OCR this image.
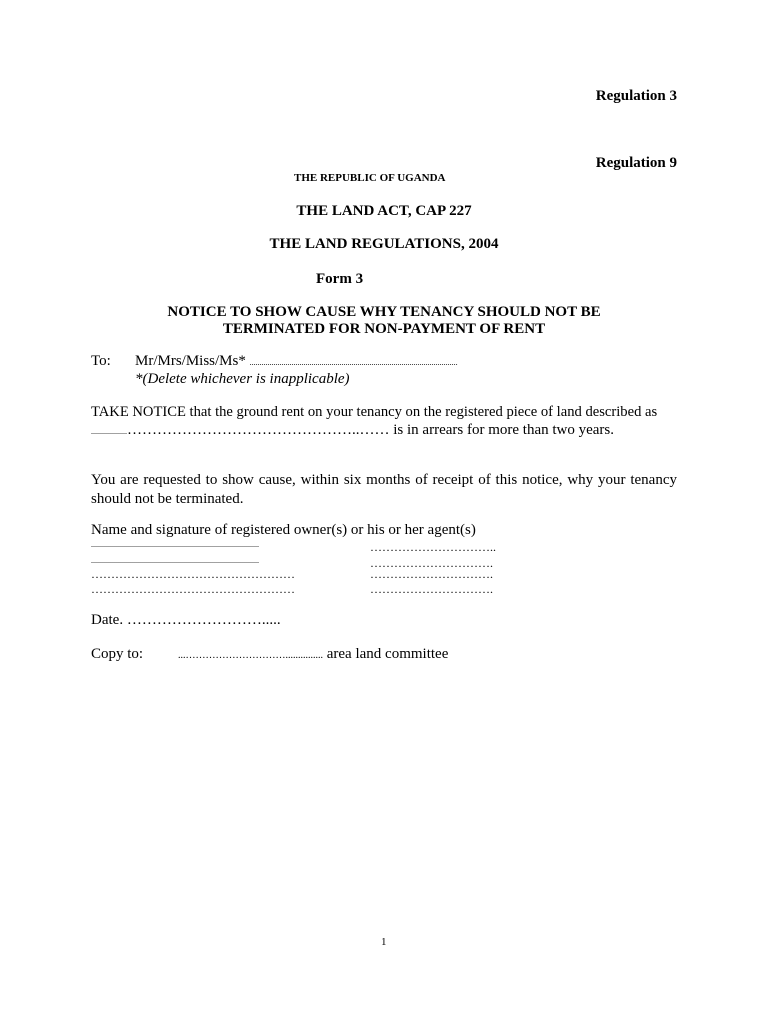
Regulation 3
Regulation 9
THE REPUBLIC OF UGANDA
THE LAND ACT, CAP 227
THE LAND REGULATIONS, 2004
Form 3
NOTICE TO SHOW CAUSE WHY TENANCY SHOULD NOT BE
TERMINATED FOR NON-PAYMENT OF RENT
To: Mr/Mrs/Miss/Ms* ........................................................................................................
*(Delete whichever is inapplicable)
TAKE NOTICE that the ground rent on your tenancy on the registered piece of land described as
..................………………………………………..…… is in arrears for more than two years.
You are requested to show cause, within six months of receipt of this notice, why your tenancy should not be terminated.
Name and signature of registered owner(s) or his or her agent(s)
....................................................................................	…………………………..
....................................................................................	………………………….
……………………………………………	………………………….
……………………………………………	………………………….
Date. ……………………….....
Copy to:	...…………………………............... area land committee
1
